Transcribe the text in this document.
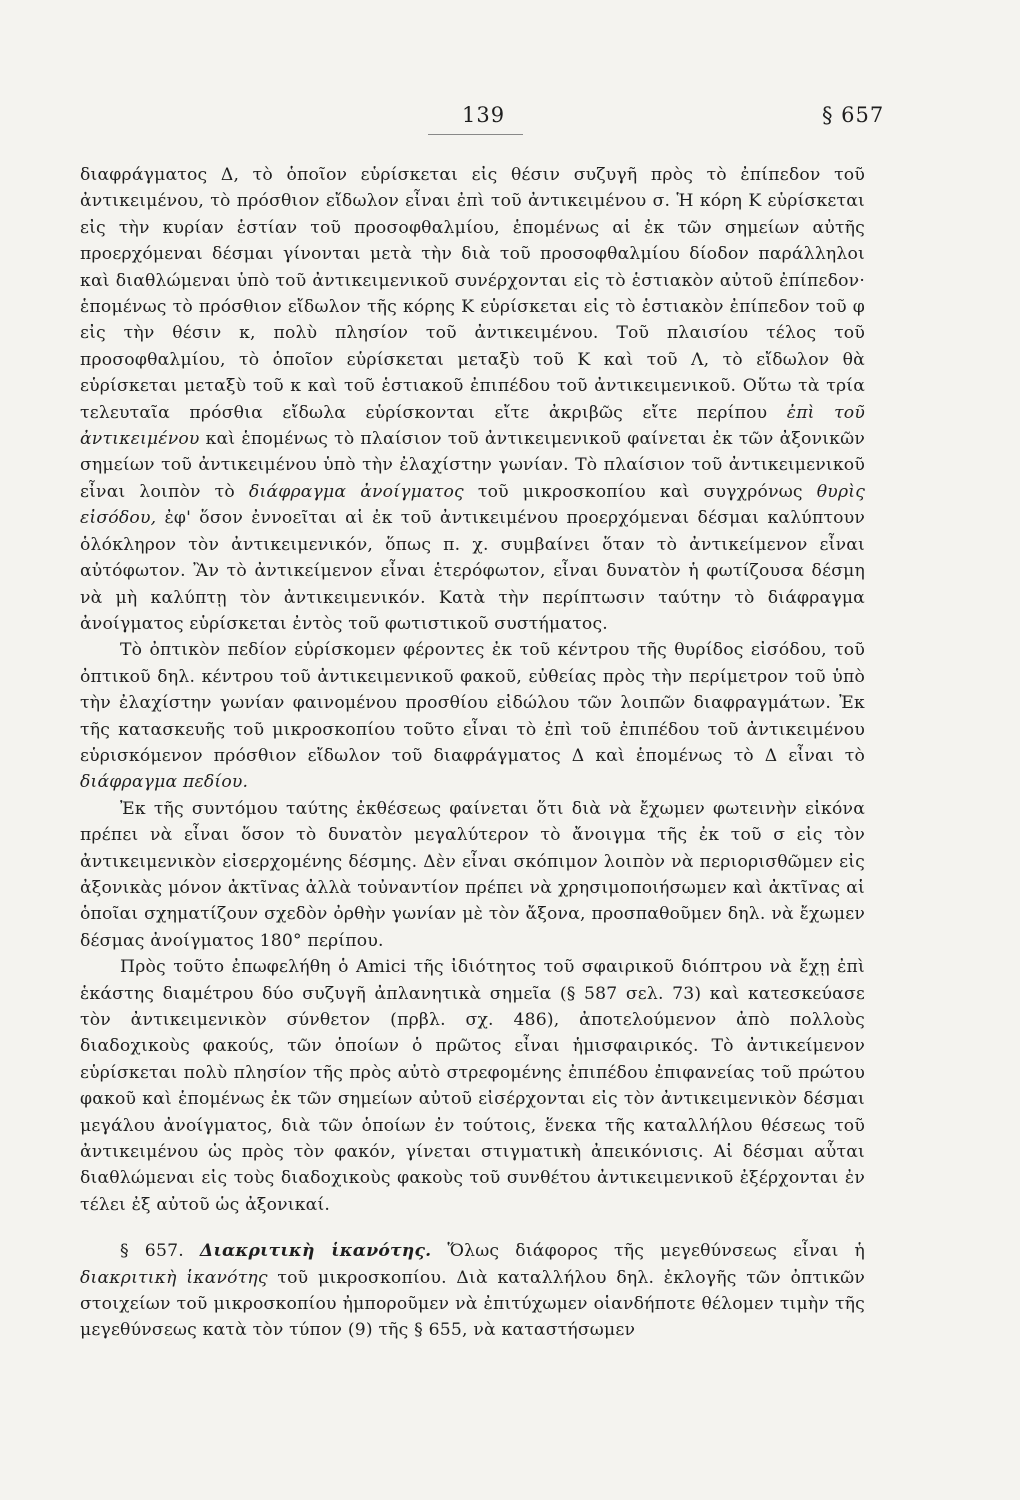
139	§ 657

διαφράγματος Δ, τὸ ὁποῖον εὑρίσκεται εἰς θέσιν συζυγῆ πρὸς τὸ ἐπίπεδον τοῦ ἀντικειμένου, τὸ πρόσθιον εἴδωλον εἶναι ἐπὶ τοῦ ἀντικειμένου σ. Ἡ κόρη Κ εὑρίσκεται εἰς τὴν κυρίαν ἑστίαν τοῦ προσοφθαλμίου, ἑπομένως αἱ ἐκ τῶν σημείων αὐτῆς προερχόμεναι δέσμαι γίνονται μετὰ τὴν διὰ τοῦ προσοφθαλμίου δίοδον παράλληλοι καὶ διαθλώμεναι ὑπὸ τοῦ ἀντικειμενικοῦ συνέρχονται εἰς τὸ ἑστιακὸν αὐτοῦ ἐπίπεδον· ἑπομένως τὸ πρόσθιον εἴδωλον τῆς κόρης Κ εὑρίσκεται εἰς τὸ ἑστιακὸν ἐπίπεδον τοῦ φ εἰς τὴν θέσιν κ, πολὺ πλησίον τοῦ ἀντικειμένου. Τοῦ πλαισίου τέλος τοῦ προσοφθαλμίου, τὸ ὁποῖον εὑρίσκεται μεταξὺ τοῦ Κ καὶ τοῦ Λ, τὸ εἴδωλον θὰ εὑρίσκεται μεταξὺ τοῦ κ καὶ τοῦ ἑστιακοῦ ἐπιπέδου τοῦ ἀντικειμενικοῦ. Οὕτω τὰ τρία τελευταῖα πρόσθια εἴδωλα εὑρίσκονται εἴτε ἀκριβῶς εἴτε περίπου ἐπὶ τοῦ ἀντικειμένου καὶ ἑπομένως τὸ πλαίσιον τοῦ ἀντικειμενικοῦ φαίνεται ἐκ τῶν ἀξονικῶν σημείων τοῦ ἀντικειμένου ὑπὸ τὴν ἐλαχίστην γωνίαν. Τὸ πλαίσιον τοῦ ἀντικειμενικοῦ εἶναι λοιπὸν τὸ διάφραγμα ἀνοίγματος τοῦ μικροσκοπίου καὶ συγχρόνως θυρὶς εἰσόδου, ἐφ' ὅσον ἐννοεῖται αἱ ἐκ τοῦ ἀντικειμένου προερχόμεναι δέσμαι καλύπτουν ὁλόκληρον τὸν ἀντικειμενικόν, ὅπως π. χ. συμβαίνει ὅταν τὸ ἀντικείμενον εἶναι αὐτόφωτον. Ἂν τὸ ἀντικείμενον εἶναι ἑτερόφωτον, εἶναι δυνατὸν ἡ φωτίζουσα δέσμη νὰ μὴ καλύπτῃ τὸν ἀντικειμενικόν. Κατὰ τὴν περίπτωσιν ταύτην τὸ διάφραγμα ἀνοίγματος εὑρίσκεται ἐντὸς τοῦ φωτιστικοῦ συστήματος.

Τὸ ὀπτικὸν πεδίον εὑρίσκομεν φέροντες ἐκ τοῦ κέντρου τῆς θυρίδος εἰσόδου, τοῦ ὀπτικοῦ δηλ. κέντρου τοῦ ἀντικειμενικοῦ φακοῦ, εὐθείας πρὸς τὴν περίμετρον τοῦ ὑπὸ τὴν ἐλαχίστην γωνίαν φαινομένου προσθίου εἰδώλου τῶν λοιπῶν διαφραγμάτων. Ἐκ τῆς κατασκευῆς τοῦ μικροσκοπίου τοῦτο εἶναι τὸ ἐπὶ τοῦ ἐπιπέδου τοῦ ἀντικειμένου εὑρισκόμενον πρόσθιον εἴδωλον τοῦ διαφράγματος Δ καὶ ἑπομένως τὸ Δ εἶναι τὸ διάφραγμα πεδίου.

Ἐκ τῆς συντόμου ταύτης ἐκθέσεως φαίνεται ὅτι διὰ νὰ ἔχωμεν φωτεινὴν εἰκόνα πρέπει νὰ εἶναι ὅσον τὸ δυνατὸν μεγαλύτερον τὸ ἄνοιγμα τῆς ἐκ τοῦ σ εἰς τὸν ἀντικειμενικὸν εἰσερχομένης δέσμης. Δὲν εἶναι σκόπιμον λοιπὸν νὰ περιορισθῶμεν εἰς ἀξονικὰς μόνον ἀκτῖνας ἀλλὰ τοὐναντίον πρέπει νὰ χρησιμοποιήσωμεν καὶ ἀκτῖνας αἱ ὁποῖαι σχηματίζουν σχεδὸν ὀρθὴν γωνίαν μὲ τὸν ἄξονα, προσπαθοῦμεν δηλ. νὰ ἔχωμεν δέσμας ἀνοίγματος 180° περίπου.

Πρὸς τοῦτο ἐπωφελήθη ὁ Amici τῆς ἰδιότητος τοῦ σφαιρικοῦ διόπτρου νὰ ἔχῃ ἐπὶ ἑκάστης διαμέτρου δύο συζυγῆ ἀπλανητικὰ σημεῖα (§ 587 σελ. 73) καὶ κατεσκεύασε τὸν ἀντικειμενικὸν σύνθετον (πρβλ. σχ. 486), ἀποτελούμενον ἀπὸ πολλοὺς διαδοχικοὺς φακούς, τῶν ὁποίων ὁ πρῶτος εἶναι ἡμισφαιρικός. Τὸ ἀντικείμενον εὑρίσκεται πολὺ πλησίον τῆς πρὸς αὐτὸ στρεφομένης ἐπιπέδου ἐπιφανείας τοῦ πρώτου φακοῦ καὶ ἑπομένως ἐκ τῶν σημείων αὐτοῦ εἰσέρχονται εἰς τὸν ἀντικειμενικὸν δέσμαι μεγάλου ἀνοίγματος, διὰ τῶν ὁποίων ἐν τούτοις, ἕνεκα τῆς καταλλήλου θέσεως τοῦ ἀντικειμένου ὡς πρὸς τὸν φακόν, γίνεται στιγματικὴ ἀπεικόνισις. Αἱ δέσμαι αὗται διαθλώμεναι εἰς τοὺς διαδοχικοὺς φακοὺς τοῦ συνθέτου ἀντικειμενικοῦ ἐξέρχονται ἐν τέλει ἐξ αὐτοῦ ὡς ἀξονικαί.

§ 657. Διακριτικὴ ἱκανότης. Ὅλως διάφορος τῆς μεγεθύνσεως εἶναι ἡ διακριτικὴ ἱκανότης τοῦ μικροσκοπίου. Διὰ καταλλήλου δηλ. ἐκλογῆς τῶν ὀπτικῶν στοιχείων τοῦ μικροσκοπίου ἠμποροῦμεν νὰ ἐπιτύχωμεν οἱανδήποτε θέλομεν τιμὴν τῆς μεγεθύνσεως κατὰ τὸν τύπον (9) τῆς § 655, νὰ καταστήσωμεν
